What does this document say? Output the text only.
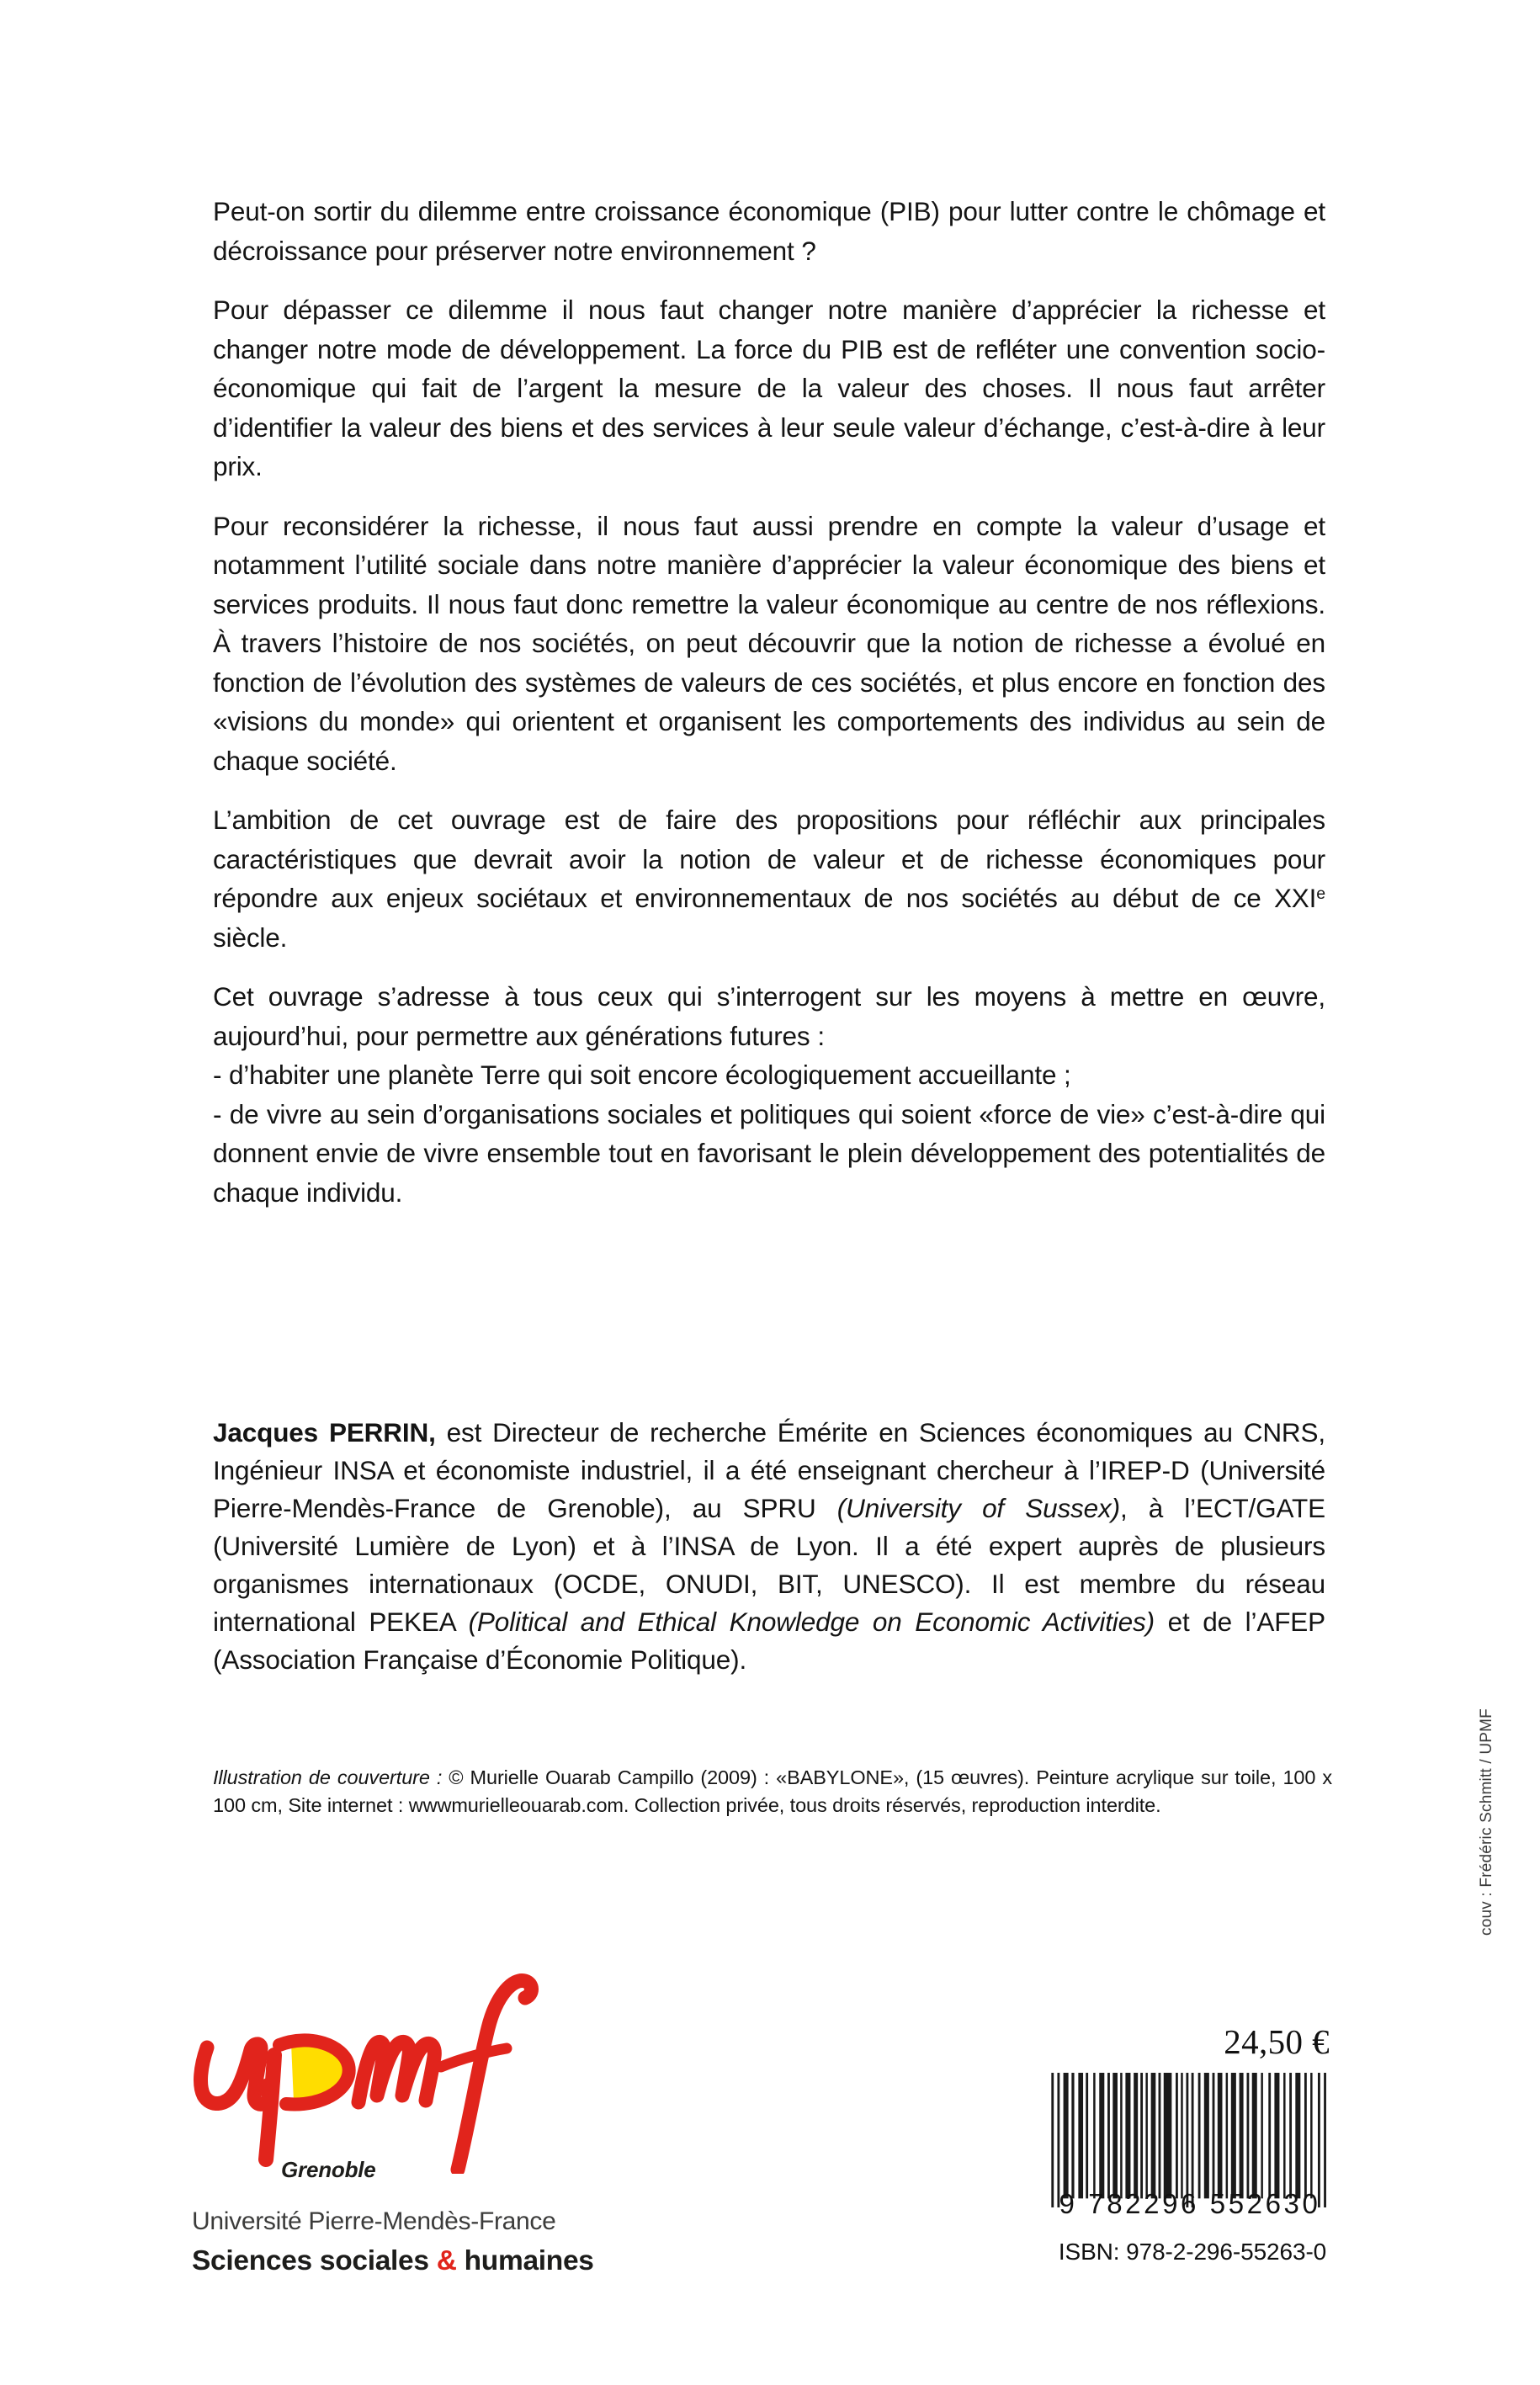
Peut-on sortir du dilemme entre croissance économique (PIB) pour lutter contre le chômage et décroissance pour préserver notre environnement ?

Pour dépasser ce dilemme il nous faut changer notre manière d’apprécier la richesse et changer notre mode de développement. La force du PIB est de refléter une convention socio-économique qui fait de l’argent la mesure de la valeur des choses. Il nous faut arrêter d’identifier la valeur des biens et des services à leur seule valeur d’échange, c’est-à-dire à leur prix.

Pour reconsidérer la richesse, il nous faut aussi prendre en compte la valeur d’usage et notamment l’utilité sociale dans notre manière d’apprécier la valeur économique des biens et services produits. Il nous faut donc remettre la valeur économique au centre de nos réflexions. À travers l’histoire de nos sociétés, on peut découvrir que la notion de richesse a évolué en fonction de l’évolution des systèmes de valeurs de ces sociétés, et plus encore en fonction des «visions du monde» qui orientent et organisent les comportements des individus au sein de chaque société.

L’ambition de cet ouvrage est de faire des propositions pour réfléchir aux principales caractéristiques que devrait avoir la notion de valeur et de richesse économiques pour répondre aux enjeux sociétaux et environnementaux de nos sociétés au début de ce XXIe siècle.

Cet ouvrage s’adresse à tous ceux qui s’interrogent sur les moyens à mettre en œuvre, aujourd’hui, pour permettre aux générations futures :

- d’habiter une planète Terre qui soit encore écologiquement accueillante ;

- de vivre au sein d’organisations sociales et politiques qui soient «force de vie» c’est-à-dire qui donnent envie de vivre ensemble tout en favorisant le plein développement des potentialités de chaque individu.

Jacques PERRIN, est Directeur de recherche Émérite en Sciences économiques au CNRS, Ingénieur INSA et économiste industriel, il a été enseignant chercheur à l’IREP-D (Université Pierre-Mendès-France de Grenoble), au SPRU (University of Sussex), à l’ECT/GATE (Université Lumière de Lyon) et à l’INSA de Lyon. Il a été expert auprès de plusieurs organismes internationaux (OCDE, ONUDI, BIT, UNESCO). Il est membre du réseau international PEKEA (Political and Ethical Knowledge on Economic Activities) et de l’AFEP (Association Française d’Économie Politique).
Illustration de couverture : © Murielle Ouarab Campillo (2009) : «BABYLONE», (15 œuvres). Peinture acrylique sur toile, 100 x 100 cm, Site internet : wwwmurielleouarab.com. Collection privée, tous droits réservés, reproduction interdite.	couv : Frédéric Schmitt / UPMF
Université Pierre-Mendès-France
Sciences sociales & humaines
Grenoble
24,50 €
9 782296 552630
ISBN: 978-2-296-55263-0
